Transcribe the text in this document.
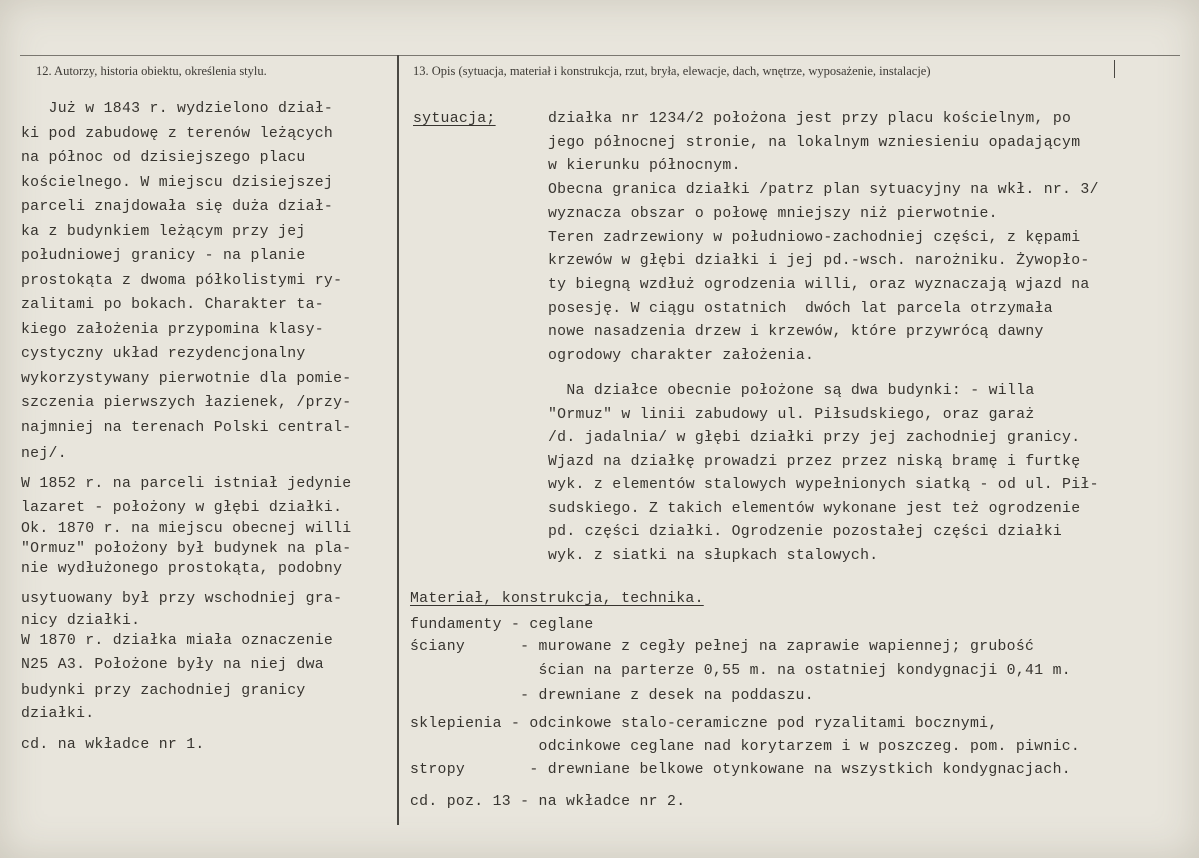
12. Autorzy, historia obiektu, określenia stylu.	13. Opis (sytuacja, materiał i konstrukcja, rzut, bryła, elewacje, dach, wnętrze, wyposażenie, instalacje)
Już w 1843 r. wydzielono dział-
ki pod zabudowę z terenów leżących
na północ od dzisiejszego placu
kościelnego. W miejscu dzisiejszej
parceli znajdowała się duża dział-
ka z budynkiem leżącym przy jej
południowej granicy - na planie
prostokąta z dwoma półkolistymi ry-
zalitami po bokach. Charakter ta-
kiego założenia przypomina klasy-
cystyczny układ rezydencjonalny
wykorzystywany pierwotnie dla pomie-
szczenia pierwszych łazienek, /przy-
najmniej na terenach Polski central-
nej/.
W 1852 r. na parceli istniał jedynie
lazaret - położony w głębi działki.
Ok. 1870 r. na miejscu obecnej willi
"Ormuz" położony był budynek na pla-
nie wydłużonego prostokąta, podobny
usytuowany był przy wschodniej gra-
nicy działki.
W 1870 r. działka miała oznaczenie
N25 A3. Położone były na niej dwa
budynki przy zachodniej granicy
działki.
cd. na wkładce nr 1.
sytuacja;	działka nr 1234/2 położona jest przy placu kościelnym, po
jego północnej stronie, na lokalnym wzniesieniu opadającym
w kierunku północnym.
Obecna granica działki /patrz plan sytuacyjny na wkł. nr. 3/
wyznacza obszar o połowę mniejszy niż pierwotnie.
Teren zadrzewiony w południowo-zachodniej części, z kępami
krzewów w głębi działki i jej pd.-wsch. narożniku. Żywopło-
ty biegną wzdłuż ogrodzenia willi, oraz wyznaczają wjazd na
posesję. W ciągu ostatnich  dwóch lat parcela otrzymała
nowe nasadzenia drzew i krzewów, które przywrócą dawny
ogrodowy charakter założenia.
Na działce obecnie położone są dwa budynki: - willa
"Ormuz" w linii zabudowy ul. Piłsudskiego, oraz garaż
/d. jadalnia/ w głębi działki przy jej zachodniej granicy.
Wjazd na działkę prowadzi przez przez niską bramę i furtkę
wyk. z elementów stalowych wypełnionych siatką - od ul. Pił-
sudskiego. Z takich elementów wykonane jest też ogrodzenie
pd. części działki. Ogrodzenie pozostałej części działki
wyk. z siatki na słupkach stalowych.
Materiał, konstrukcja, technika.
fundamenty - ceglane
ściany      - murowane z cegły pełnej na zaprawie wapiennej; grubość
ścian na parterze 0,55 m. na ostatniej kondygnacji 0,41 m.
- drewniane z desek na poddaszu.
sklepienia - odcinkowe stalo-ceramiczne pod ryzalitami bocznymi,
odcinkowe ceglane nad korytarzem i w poszczeg. pom. piwnic.
stropy       - drewniane belkowe otynkowane na wszystkich kondygnacjach.
cd. poz. 13 - na wkładce nr 2.
